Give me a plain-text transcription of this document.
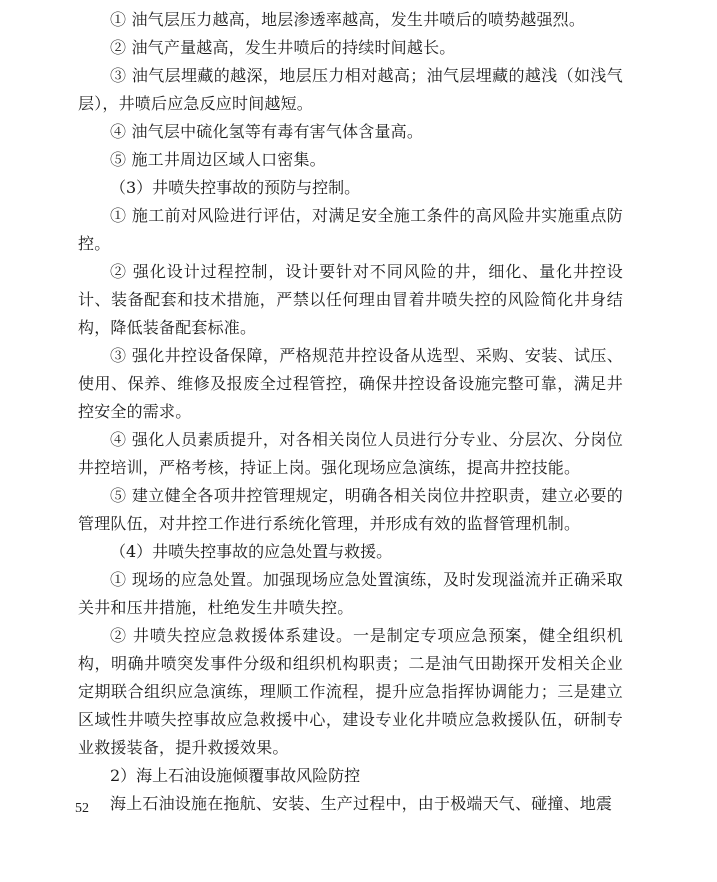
① 油气层压力越高，地层渗透率越高，发生井喷后的喷势越强烈。

② 油气产量越高，发生井喷后的持续时间越长。

③ 油气层埋藏的越深，地层压力相对越高；油气层埋藏的越浅（如浅气层），井喷后应急反应时间越短。

④ 油气层中硫化氢等有毒有害气体含量高。

⑤ 施工井周边区域人口密集。

（3）井喷失控事故的预防与控制。

① 施工前对风险进行评估，对满足安全施工条件的高风险井实施重点防控。

② 强化设计过程控制，设计要针对不同风险的井，细化、量化井控设计、装备配套和技术措施，严禁以任何理由冒着井喷失控的风险简化井身结构，降低装备配套标准。

③ 强化井控设备保障，严格规范井控设备从选型、采购、安装、试压、使用、保养、维修及报废全过程管控，确保井控设备设施完整可靠，满足井控安全的需求。

④ 强化人员素质提升，对各相关岗位人员进行分专业、分层次、分岗位井控培训，严格考核，持证上岗。强化现场应急演练，提高井控技能。

⑤ 建立健全各项井控管理规定，明确各相关岗位井控职责，建立必要的管理队伍，对井控工作进行系统化管理，并形成有效的监督管理机制。

（4）井喷失控事故的应急处置与救援。

① 现场的应急处置。加强现场应急处置演练，及时发现溢流并正确采取关井和压井措施，杜绝发生井喷失控。

② 井喷失控应急救援体系建设。一是制定专项应急预案，健全组织机构，明确井喷突发事件分级和组织机构职责；二是油气田勘探开发相关企业定期联合组织应急演练，理顺工作流程，提升应急指挥协调能力；三是建立区域性井喷失控事故应急救援中心，建设专业化井喷应急救援队伍，研制专业救援装备，提升救援效果。

2）海上石油设施倾覆事故风险防控

海上石油设施在拖航、安装、生产过程中，由于极端天气、碰撞、地震

52
